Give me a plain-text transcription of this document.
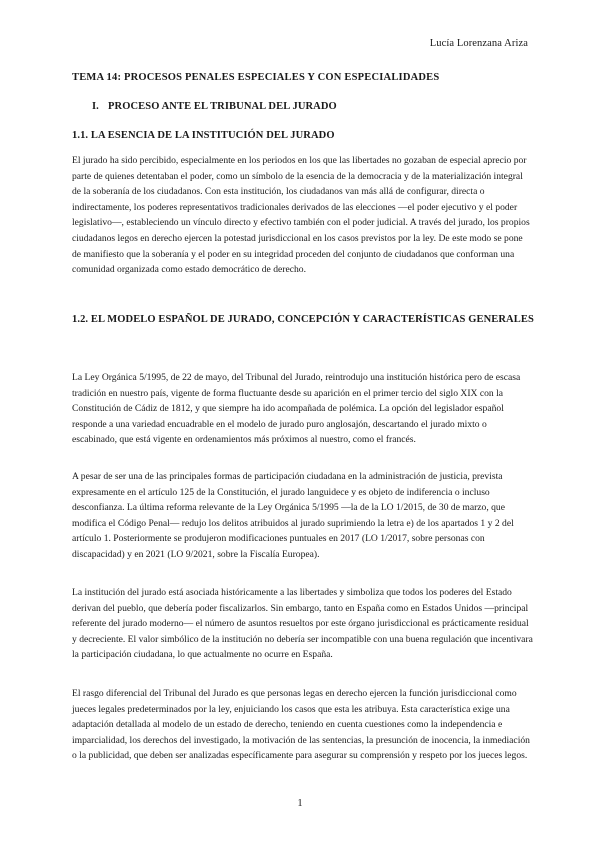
Lucía Lorenzana Ariza
TEMA 14: PROCESOS PENALES ESPECIALES Y CON ESPECIALIDADES
I. PROCESO ANTE EL TRIBUNAL DEL JURADO
1.1. LA ESENCIA DE LA INSTITUCIÓN DEL JURADO

El jurado ha sido percibido, especialmente en los periodos en los que las libertades no gozaban de especial aprecio por parte de quienes detentaban el poder, como un símbolo de la esencia de la democracia y de la materialización integral de la soberanía de los ciudadanos. Con esta institución, los ciudadanos van más allá de configurar, directa o indirectamente, los poderes representativos tradicionales derivados de las elecciones —el poder ejecutivo y el poder legislativo—, estableciendo un vínculo directo y efectivo también con el poder judicial. A través del jurado, los propios ciudadanos legos en derecho ejercen la potestad jurisdiccional en los casos previstos por la ley. De este modo se pone de manifiesto que la soberanía y el poder en su integridad proceden del conjunto de ciudadanos que conforman una comunidad organizada como estado democrático de derecho.

1.2. EL MODELO ESPAÑOL DE JURADO, CONCEPCIÓN Y CARACTERÍSTICAS GENERALES

La Ley Orgánica 5/1995, de 22 de mayo, del Tribunal del Jurado, reintrodujo una institución histórica pero de escasa tradición en nuestro país, vigente de forma fluctuante desde su aparición en el primer tercio del siglo XIX con la Constitución de Cádiz de 1812, y que siempre ha ido acompañada de polémica. La opción del legislador español responde a una variedad encuadrable en el modelo de jurado puro anglosajón, descartando el jurado mixto o escabinado, que está vigente en ordenamientos más próximos al nuestro, como el francés.

A pesar de ser una de las principales formas de participación ciudadana en la administración de justicia, prevista expresamente en el artículo 125 de la Constitución, el jurado languidece y es objeto de indiferencia o incluso desconfianza. La última reforma relevante de la Ley Orgánica 5/1995 —la de la LO 1/2015, de 30 de marzo, que modifica el Código Penal— redujo los delitos atribuidos al jurado suprimiendo la letra e) de los apartados 1 y 2 del artículo 1. Posteriormente se produjeron modificaciones puntuales en 2017 (LO 1/2017, sobre personas con discapacidad) y en 2021 (LO 9/2021, sobre la Fiscalía Europea).

La institución del jurado está asociada históricamente a las libertades y simboliza que todos los poderes del Estado derivan del pueblo, que debería poder fiscalizarlos. Sin embargo, tanto en España como en Estados Unidos —principal referente del jurado moderno— el número de asuntos resueltos por este órgano jurisdiccional es prácticamente residual y decreciente. El valor simbólico de la institución no debería ser incompatible con una buena regulación que incentivara la participación ciudadana, lo que actualmente no ocurre en España.

El rasgo diferencial del Tribunal del Jurado es que personas legas en derecho ejercen la función jurisdiccional como jueces legales predeterminados por la ley, enjuiciando los casos que esta les atribuya. Esta característica exige una adaptación detallada al modelo de un estado de derecho, teniendo en cuenta cuestiones como la independencia e imparcialidad, los derechos del investigado, la motivación de las sentencias, la presunción de inocencia, la inmediación o la publicidad, que deben ser analizadas específicamente para asegurar su comprensión y respeto por los jueces legos.

1
